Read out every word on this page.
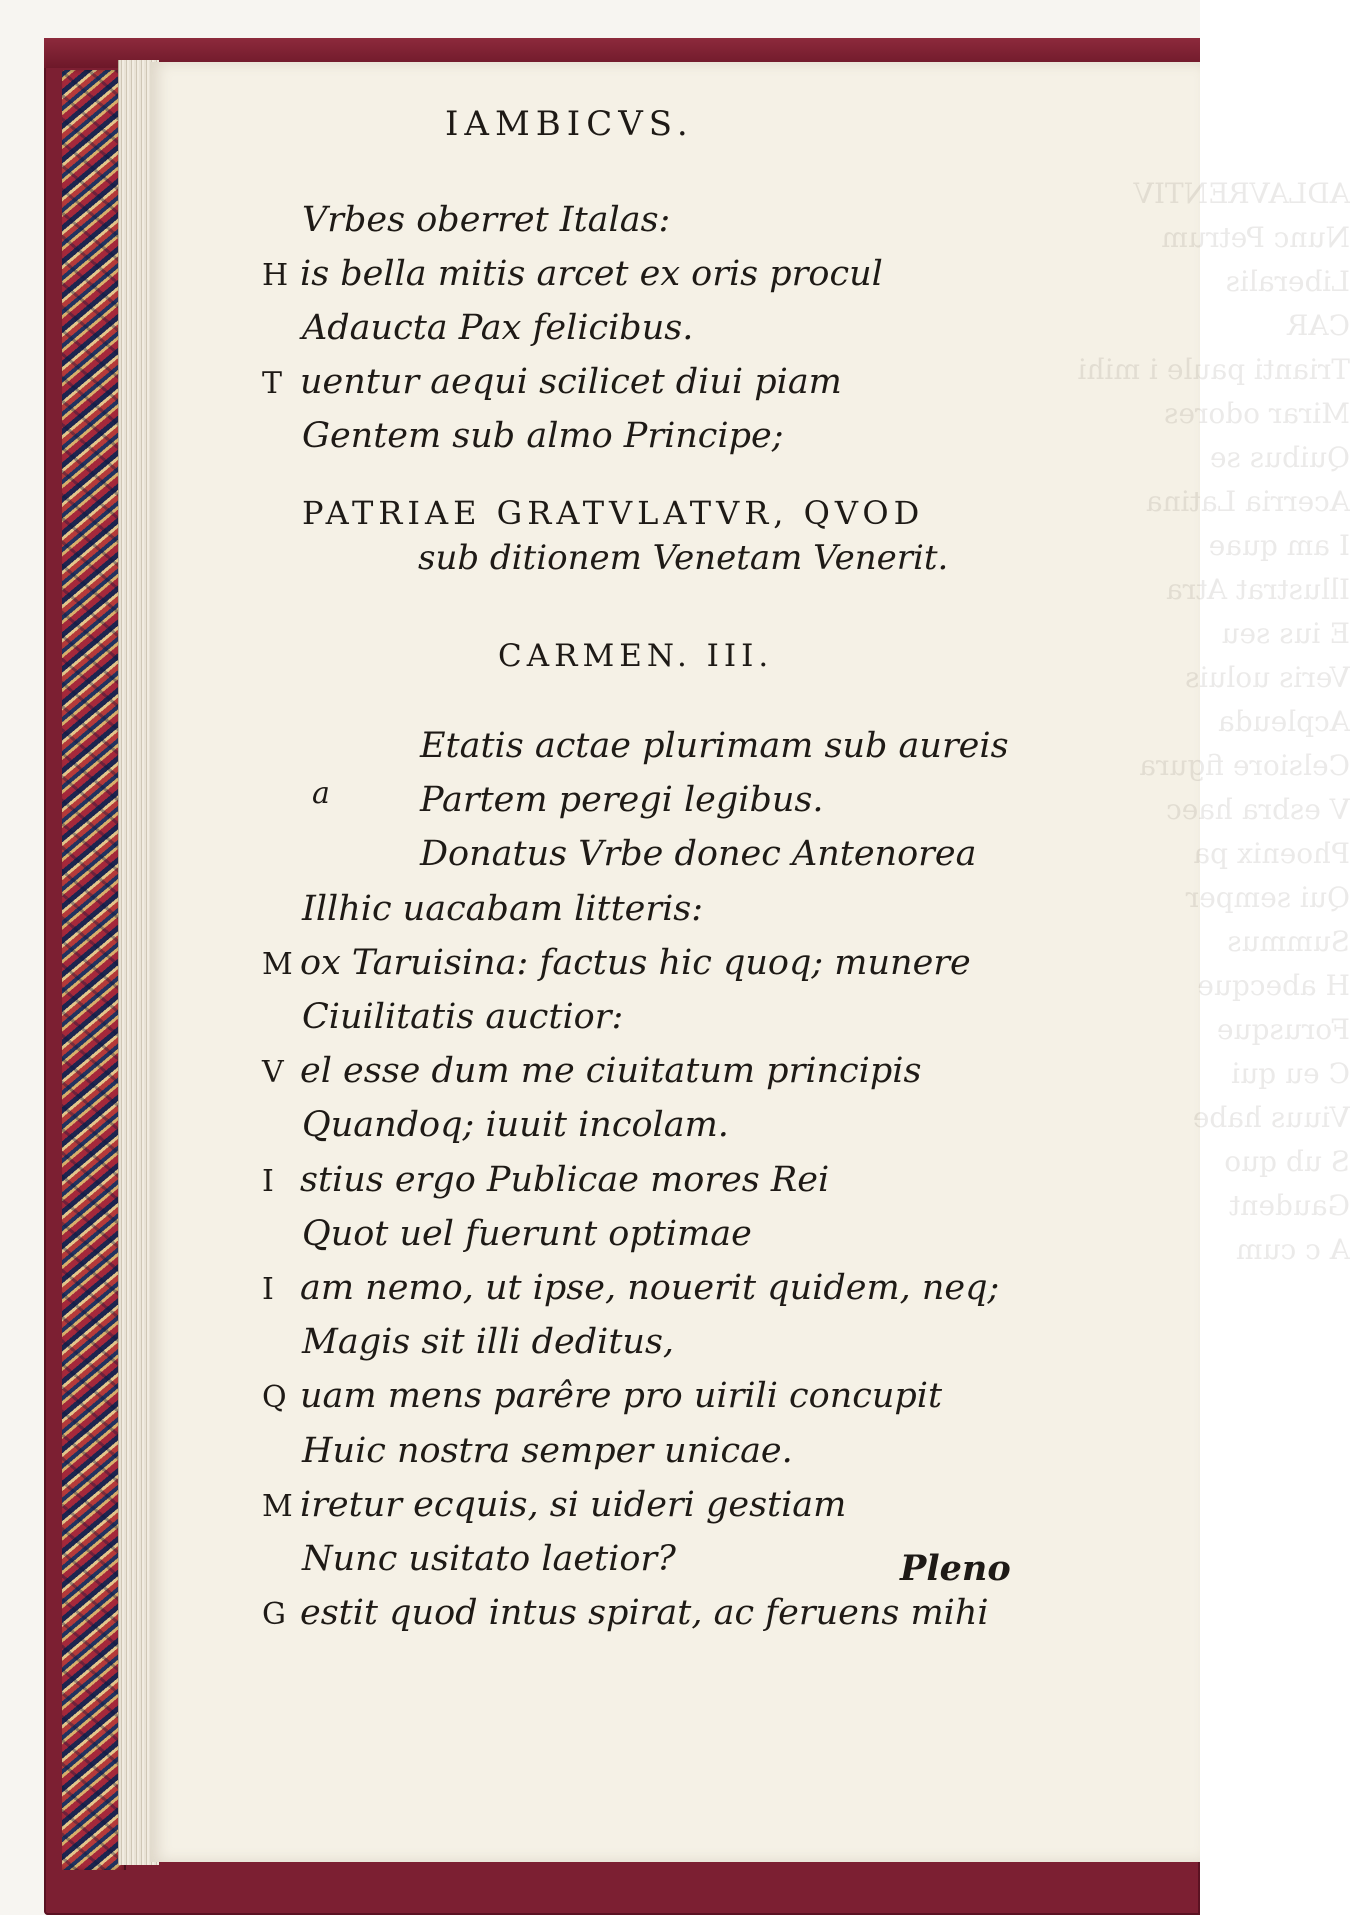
ADLAVRENTIV
Nunc Petrum
Liberalis
CAR
Trianti paule i mihi
Mirar odores
Quibus se
Acerria Latina
I am quae
Illustrat Atra
E ius seu
Veris uoluis
Acpleuda
Celsiore figura
V esbra haec
Phoenix pa
Qui semper
Summus
H abecque
Forusque
C eu qui
Viuus habe
S ub quo
Gaudent
A c cum
IAMBICVS.
Vrbes oberret Italas:
H is bella mitis arcet ex oris procul
Adaucta Pax felicibus.
T uentur aequi scilicet diui piam
Gentem sub almo Principe;
PATRIAE GRATVLATVR, QVOD
sub ditionem Venetam Venerit.
CARMEN. III.
a
Etatis actae plurimam sub aureis
Partem peregi legibus.
Donatus Vrbe donec Antenorea
Illhic uacabam litteris:
M ox Taruisina: factus hic quoq; munere
Ciuilitatis auctior:
V el esse dum me ciuitatum principis
Quandoq; iuuit incolam.
I stius ergo Publicae mores Rei
Quot uel fuerunt optimae
I am nemo, ut ipse, nouerit quidem, neq;
Magis sit illi deditus,
Q uam mens parêre pro uirili concupit
Huic nostra semper unicae.
M iretur ecquis, si uideri gestiam
Nunc usitato laetior?
G estit quod intus spirat, ac feruens mihi
Pleno
